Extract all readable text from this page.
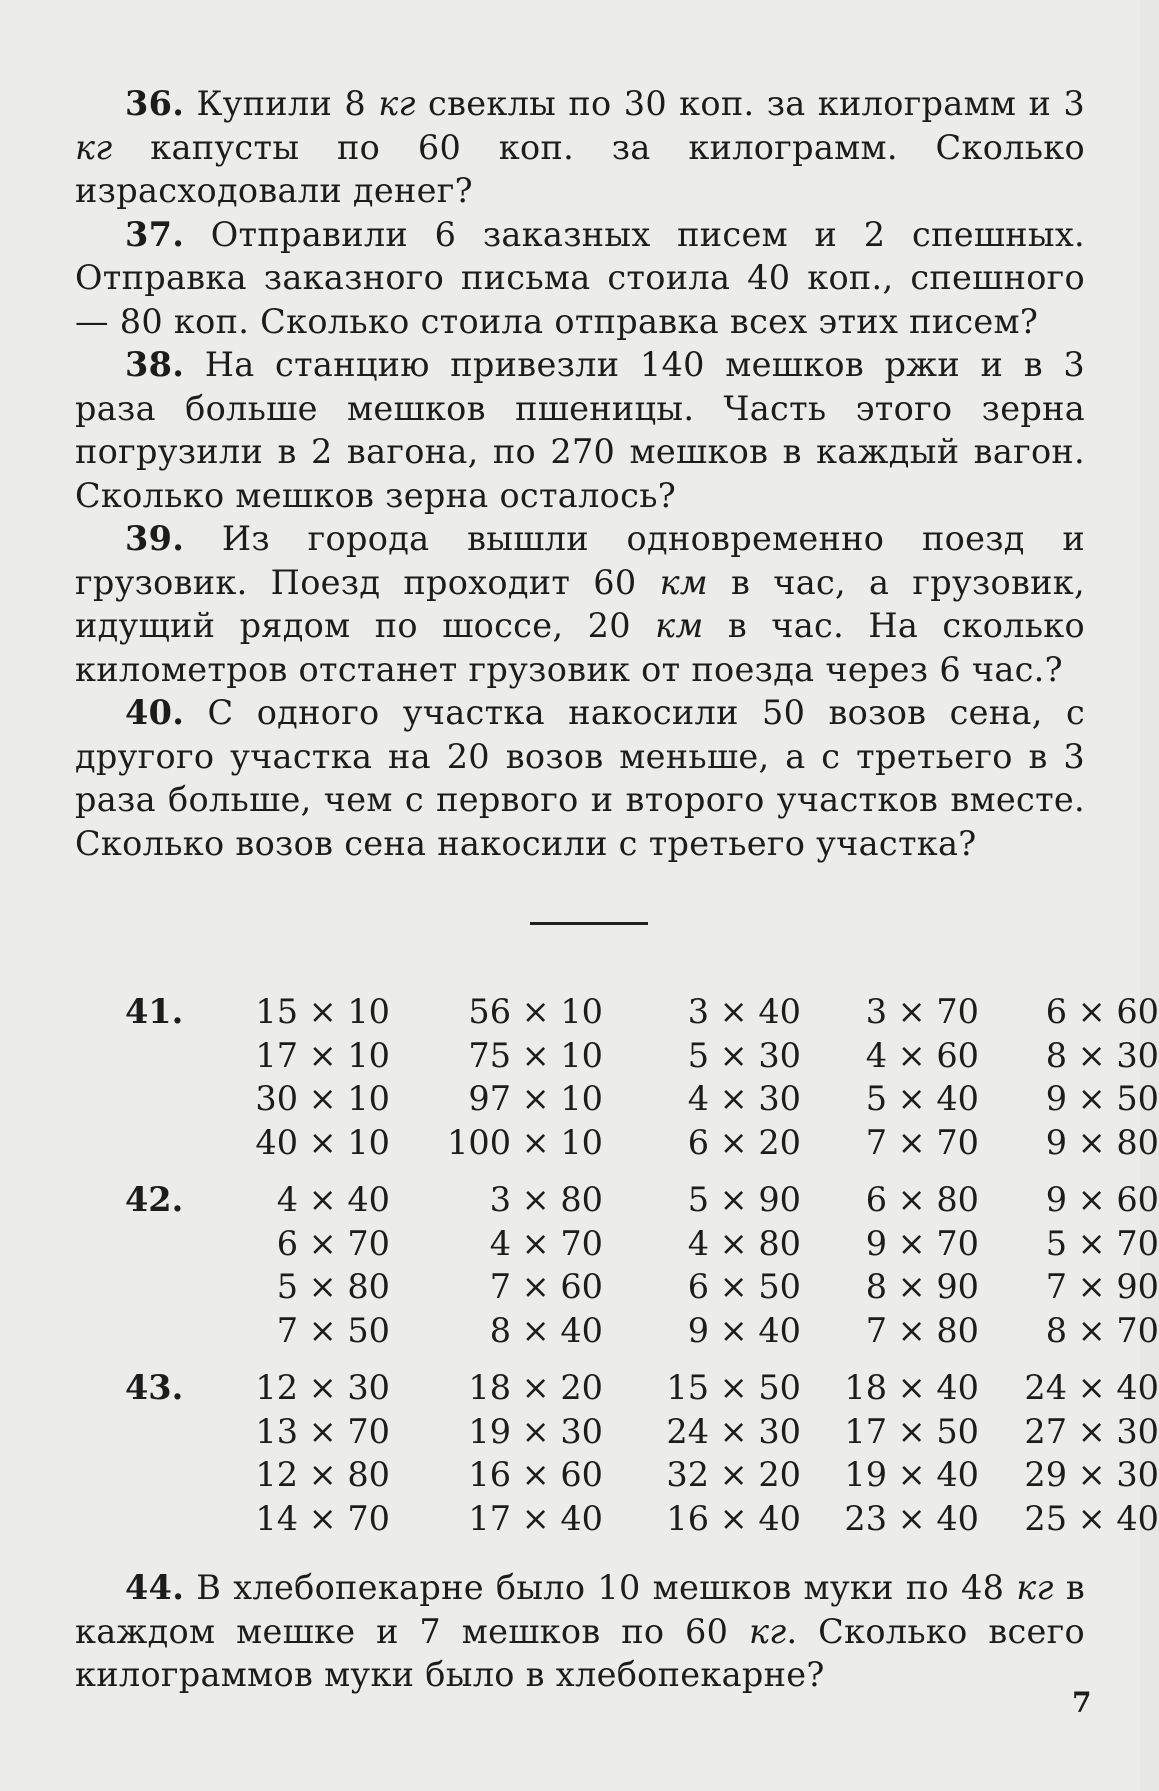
36. Купили 8 кг свеклы по 30 коп. за килограмм и 3 кг капусты по 60 коп. за килограмм. Сколько израсходовали денег?

37. Отправили 6 заказных писем и 2 спешных. Отправка заказного письма стоила 40 коп., спешного — 80 коп. Сколько стоила отправка всех этих писем?

38. На станцию привезли 140 мешков ржи и в 3 раза больше мешков пшеницы. Часть этого зерна погрузили в 2 вагона, по 270 мешков в каждый вагон. Сколько мешков зерна осталось?

39. Из города вышли одновременно поезд и грузовик. Поезд проходит 60 км в час, а грузовик, идущий рядом по шоссе, 20 км в час. На сколько километров отстанет грузовик от поезда через 6 час.?

40. С одного участка накосили 50 возов сена, с другого участка на 20 возов меньше, а с третьего в 3 раза больше, чем с первого и второго участков вместе. Сколько возов сена накосили с третьего участка?

41.	15 × 10	56 × 10	3 × 40	3 × 70	6 × 60
17 × 10	75 × 10	5 × 30	4 × 60	8 × 30
30 × 10	97 × 10	4 × 30	5 × 40	9 × 50
40 × 10	100 × 10	6 × 20	7 × 70	9 × 80
42.	4 × 40	3 × 80	5 × 90	6 × 80	9 × 60
6 × 70	4 × 70	4 × 80	9 × 70	5 × 70
5 × 80	7 × 60	6 × 50	8 × 90	7 × 90
7 × 50	8 × 40	9 × 40	7 × 80	8 × 70
43.	12 × 30	18 × 20	15 × 50	18 × 40	24 × 40
13 × 70	19 × 30	24 × 30	17 × 50	27 × 30
12 × 80	16 × 60	32 × 20	19 × 40	29 × 30
14 × 70	17 × 40	16 × 40	23 × 40	25 × 40

44. В хлебопекарне было 10 мешков муки по 48 кг в каждом мешке и 7 мешков по 60 кг. Сколько всего килограммов муки было в хлебопекарне?

7
